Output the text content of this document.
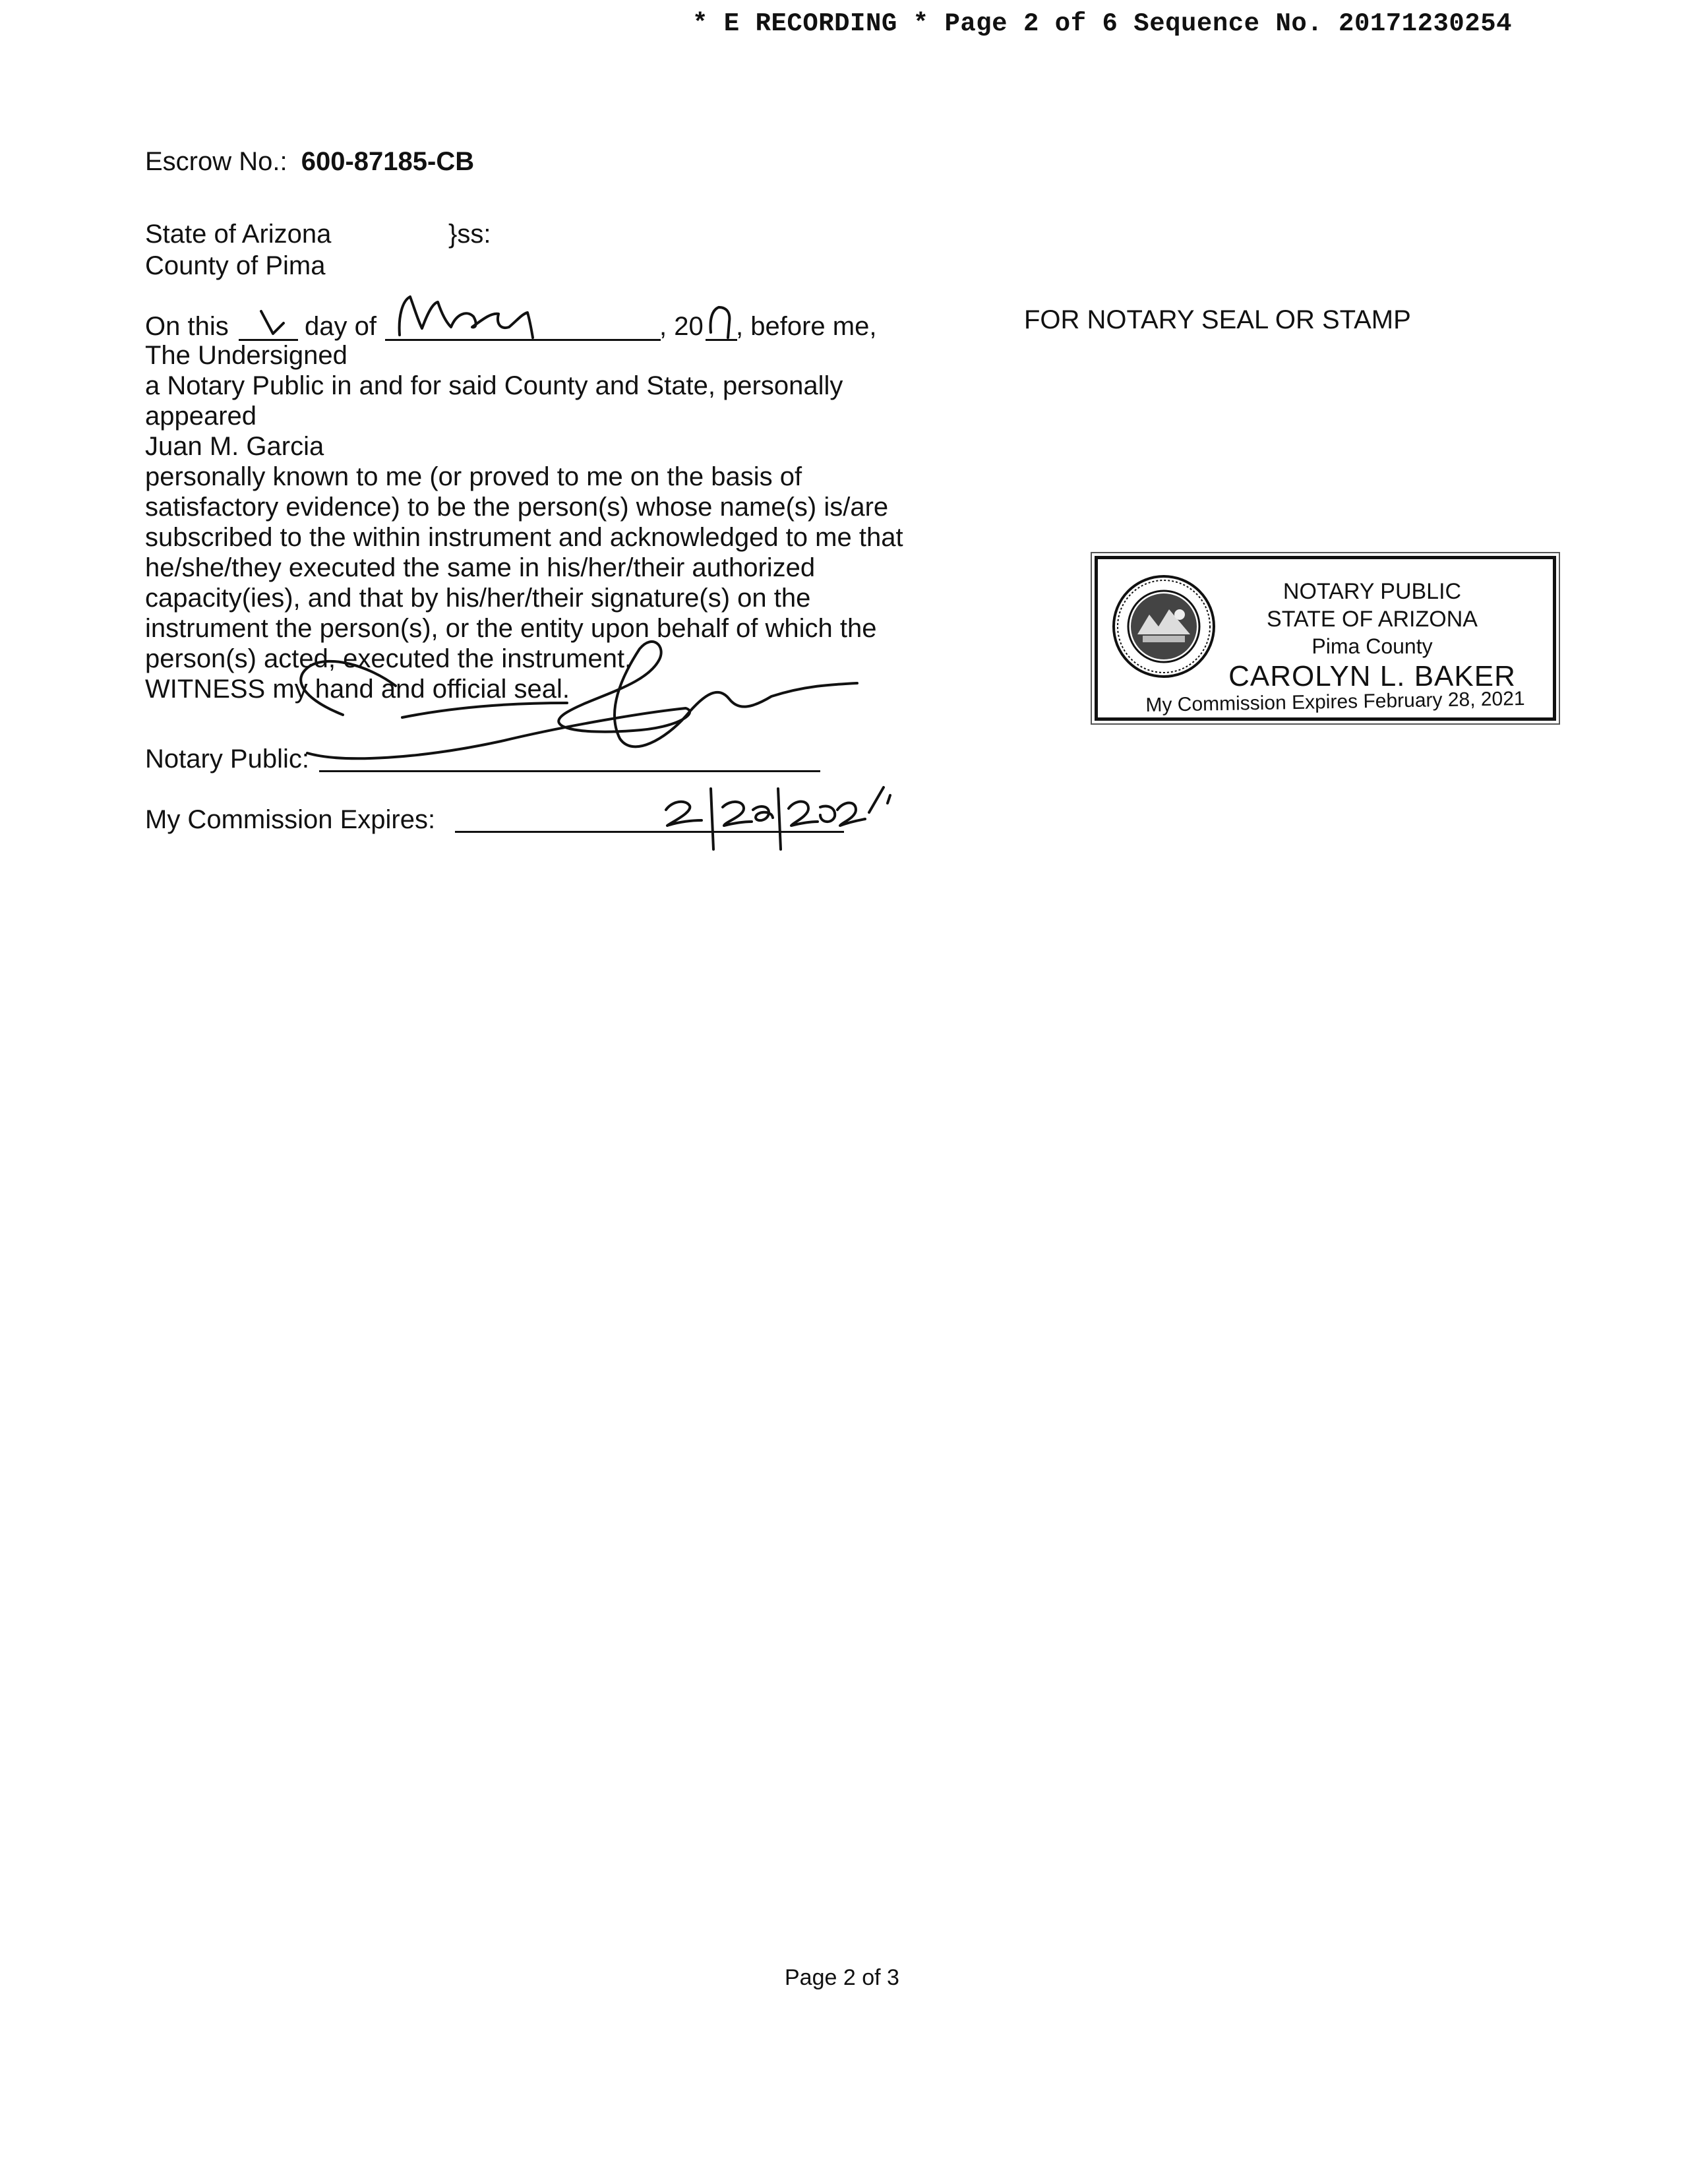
* E RECORDING * Page 2 of 6 Sequence No. 20171230254
Escrow No.: 600-87185-CB
State of Arizona	}ss:
County of Pima
On this	day of	, 20 , before me,
The Undersigned
a Notary Public in and for said County and State, personally
appeared
Juan M. Garcia
personally known to me (or proved to me on the basis of
satisfactory evidence) to be the person(s) whose name(s) is/are
subscribed to the within instrument and acknowledged to me that
he/she/they executed the same in his/her/their authorized
capacity(ies), and that by his/her/their signature(s) on the
instrument the person(s), or the entity upon behalf of which the
person(s) acted, executed the instrument.
WITNESS my hand and official seal.
Notary Public:
My Commission Expires:
FOR NOTARY SEAL OR STAMP
NOTARY PUBLIC
STATE OF ARIZONA
Pima County
CAROLYN L. BAKER
My Commission Expires February 28, 2021
Page 2 of 3
